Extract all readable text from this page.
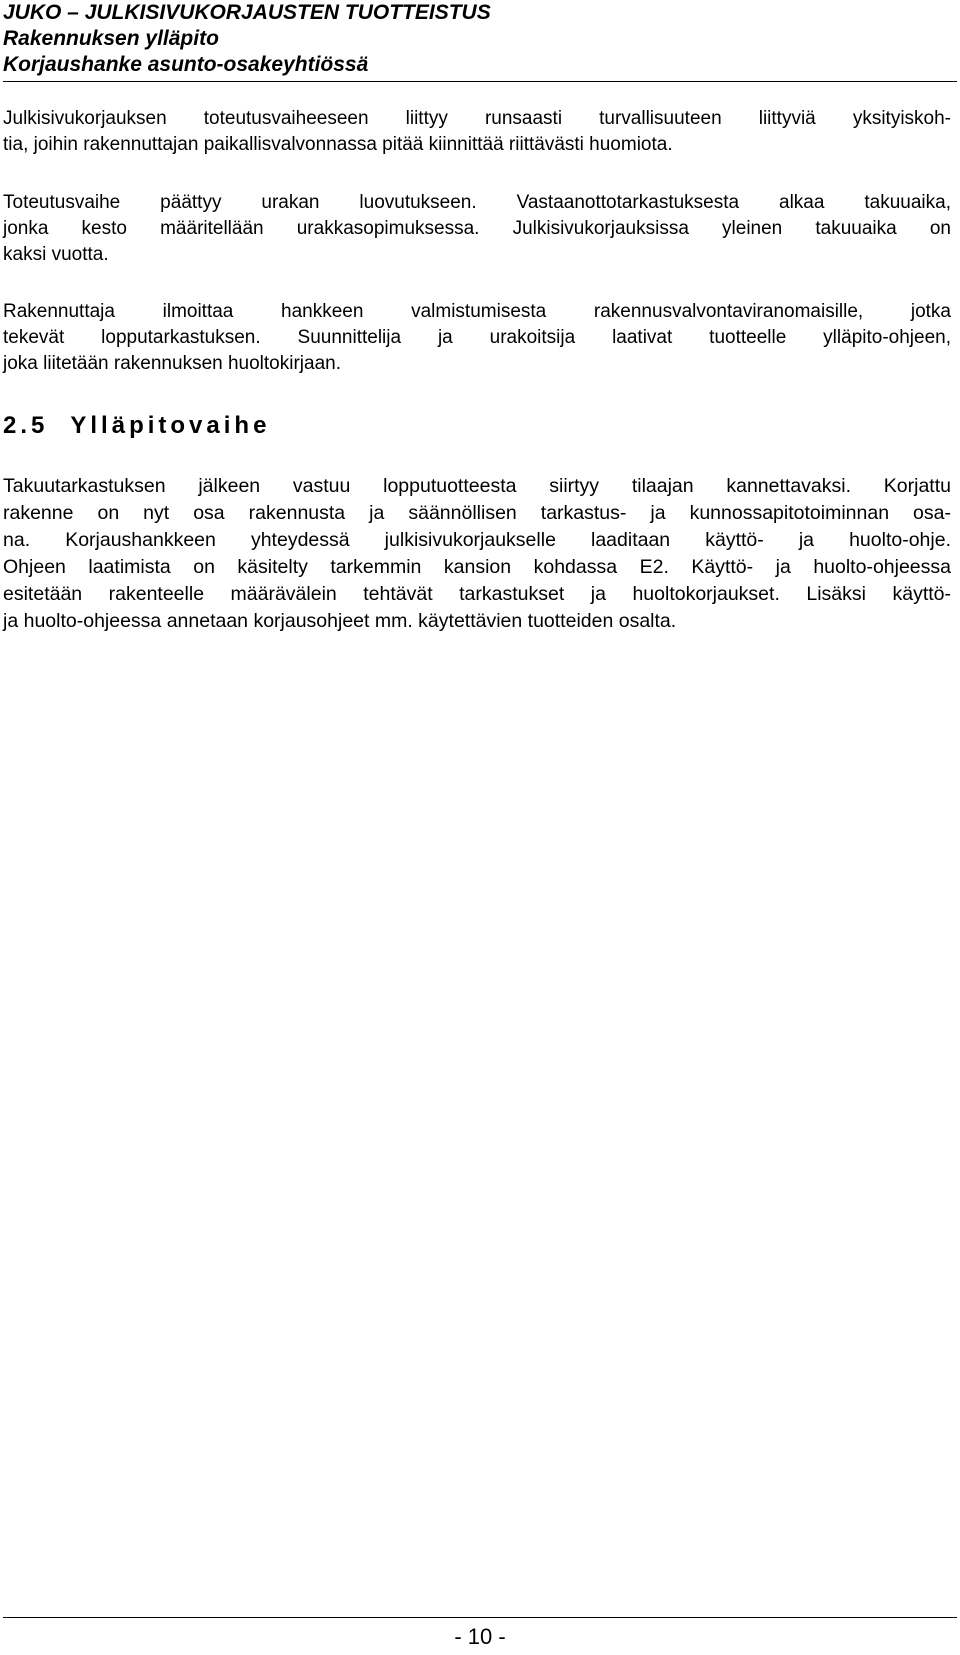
JUKO – JULKISIVUKORJAUSTEN TUOTTEISTUS
Rakennuksen ylläpito
Korjaushanke asunto-osakeyhtiössä

Julkisivukorjauksen toteutusvaiheeseen liittyy runsaasti turvallisuuteen liittyviä yksityiskoh-
tia, joihin rakennuttajan paikallisvalvonnassa pitää kiinnittää riittävästi huomiota.

Toteutusvaihe päättyy urakan luovutukseen. Vastaanottotarkastuksesta alkaa takuuaika,
jonka kesto määritellään urakkasopimuksessa. Julkisivukorjauksissa yleinen takuuaika on
kaksi vuotta.

Rakennuttaja ilmoittaa hankkeen valmistumisesta rakennusvalvontaviranomaisille, jotka
tekevät lopputarkastuksen. Suunnittelija ja urakoitsija laativat tuotteelle ylläpito-ohjeen,
joka liitetään rakennuksen huoltokirjaan.

2.5 Ylläpitovaihe

Takuutarkastuksen jälkeen vastuu lopputuotteesta siirtyy tilaajan kannettavaksi. Korjattu
rakenne on nyt osa rakennusta ja säännöllisen tarkastus- ja kunnossapitotoiminnan osa-
na. Korjaushankkeen yhteydessä julkisivukorjaukselle laaditaan käyttö- ja huolto-ohje.
Ohjeen laatimista on käsitelty tarkemmin kansion kohdassa E2. Käyttö- ja huolto-ohjeessa
esitetään rakenteelle määrävälein tehtävät tarkastukset ja huoltokorjaukset. Lisäksi käyttö-
ja huolto-ohjeessa annetaan korjausohjeet mm. käytettävien tuotteiden osalta.

- 10 -
